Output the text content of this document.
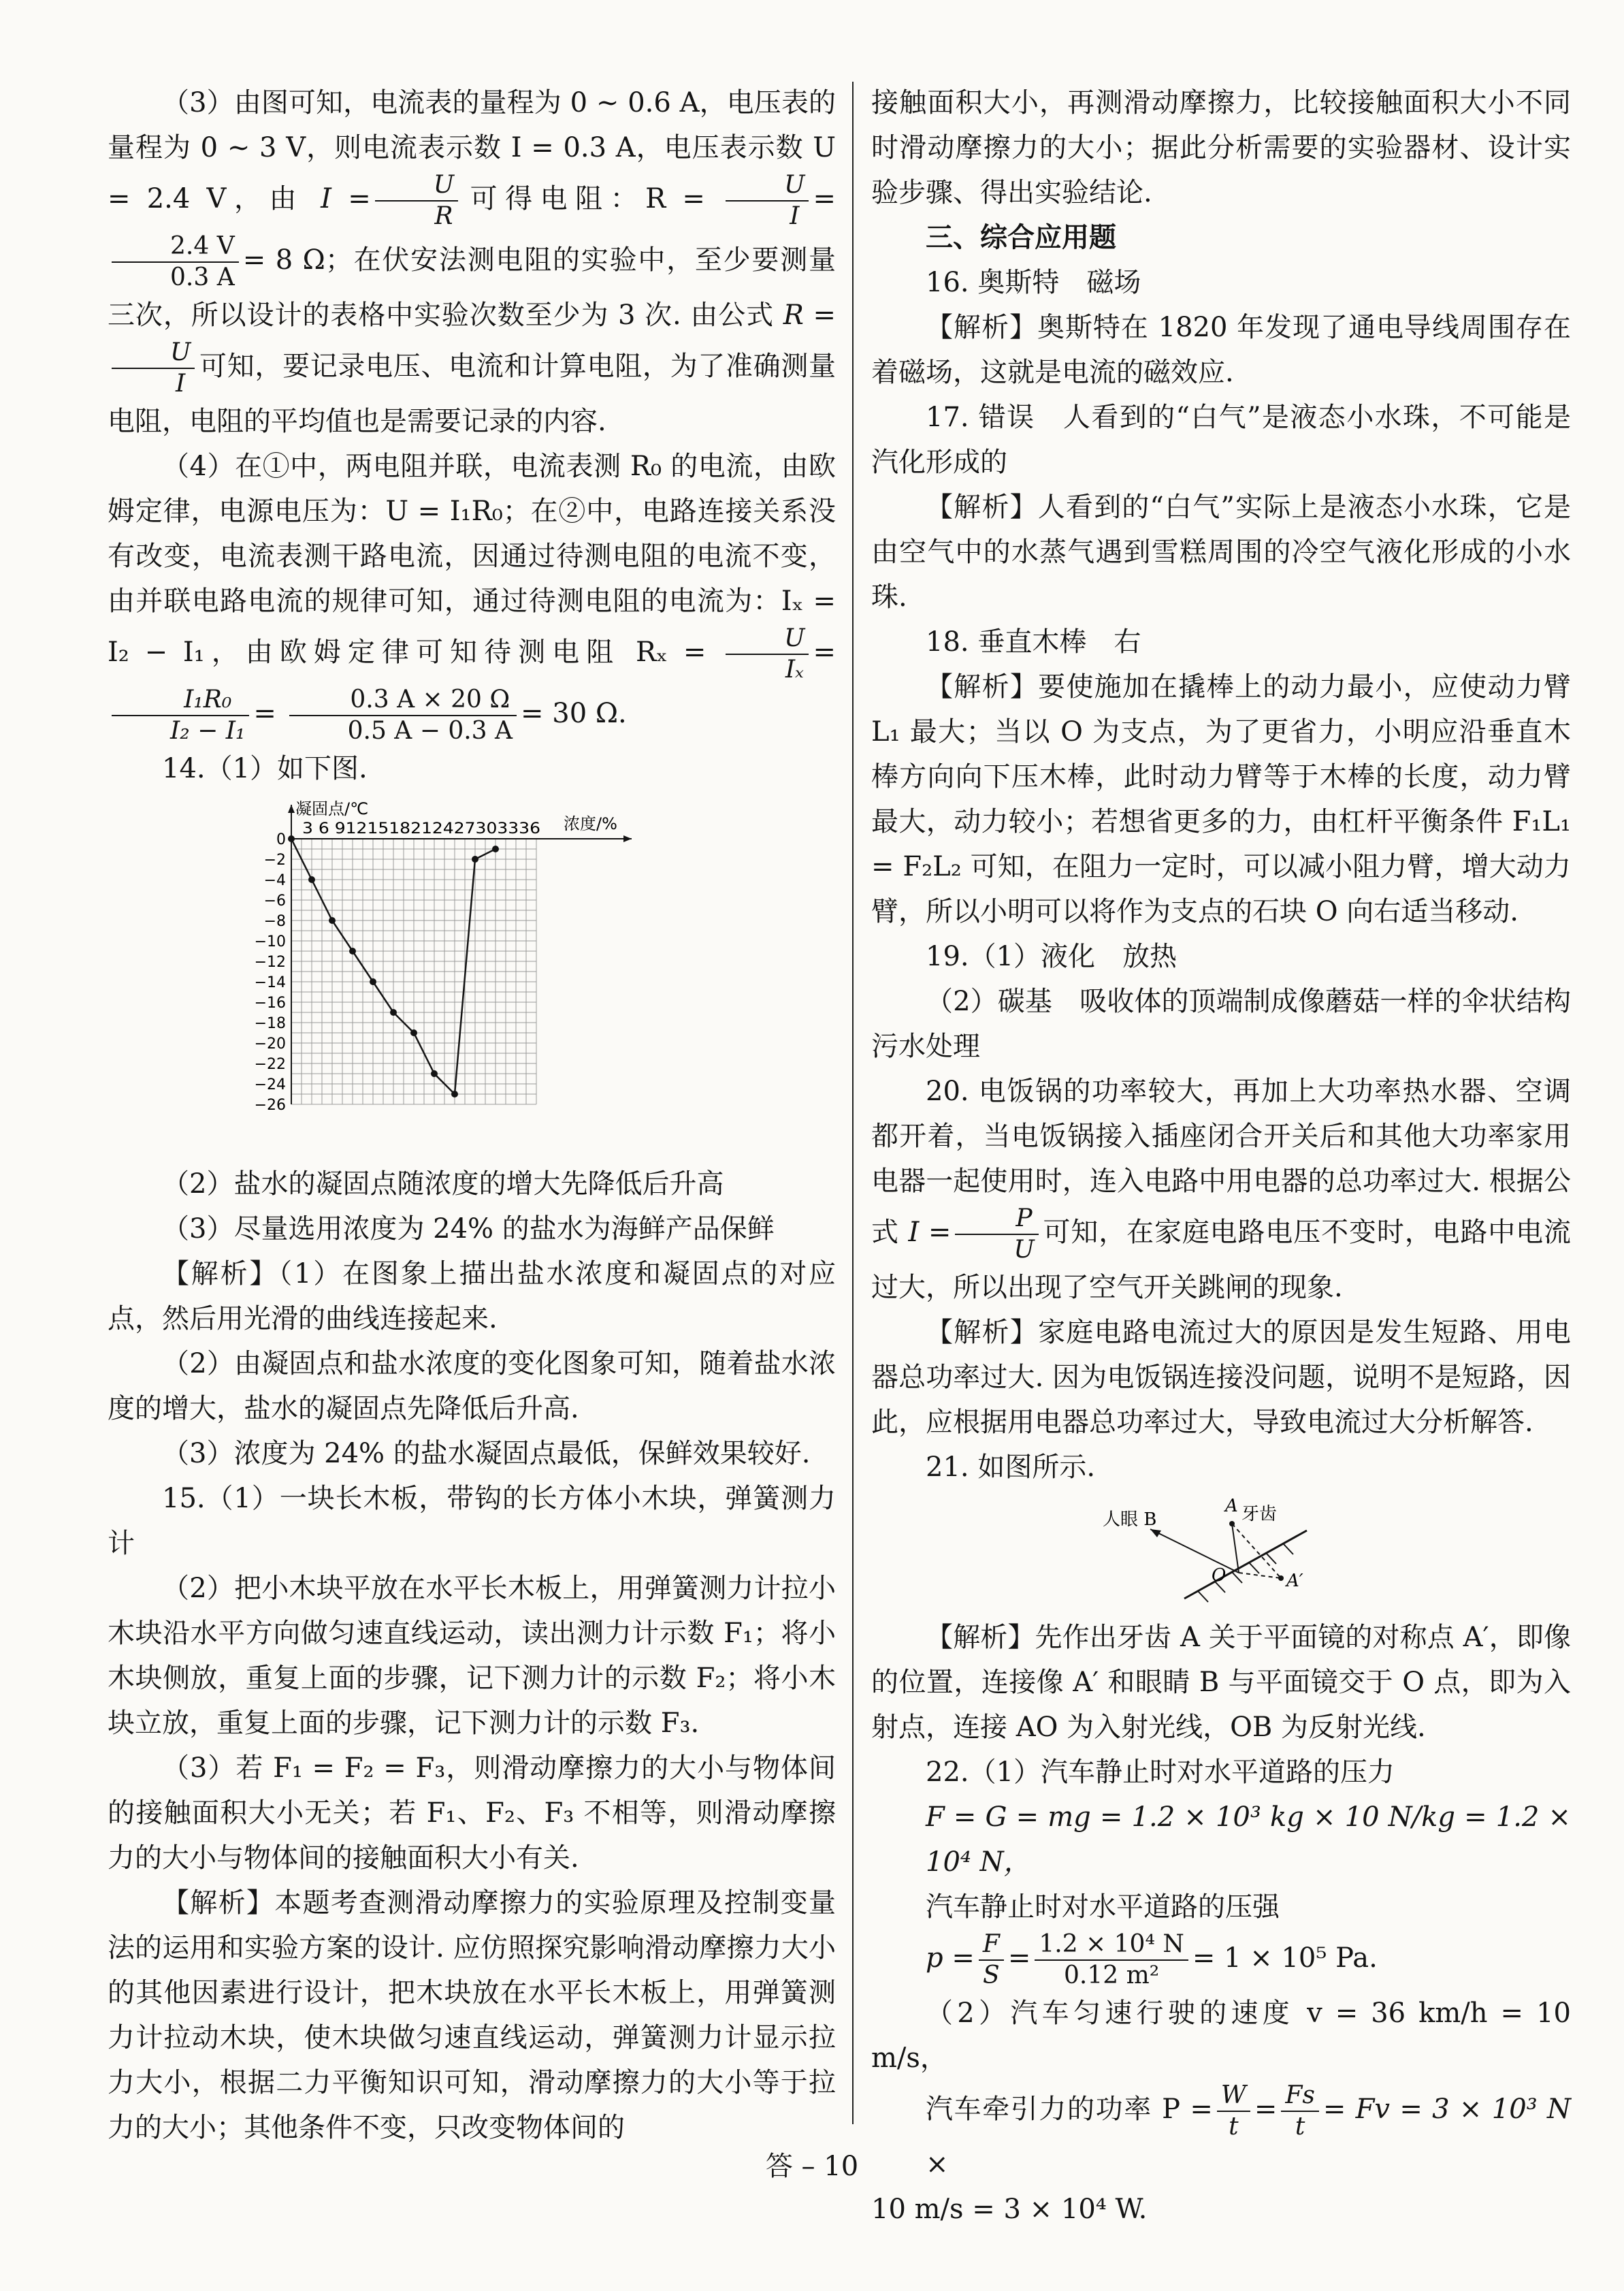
（3）由图可知，电流表的量程为 0 ~ 0.6 A，电压表的量程为 0 ~ 3 V，则电流表示数 I = 0.3 A，电压表示数 U = 2.4 V，由 $I = \frac{U}{R}$ 可得电阻：$R = \frac{U}{I}$ =
$\frac{2.4 V}{0.3 A} = 8$ Ω；在伏安法测电阻的实验中，至少要测量三次，所以设计的表格中实验次数至少为 3 次. 由公式 R =
$\frac{U}{I}$ 可知，要记录电压、电流和计算电阻，为了准确测量电阻，电阻的平均值也是需要记录的内容.

（4）在①中，两电阻并联，电流表测 R₀ 的电流，由欧姆定律，电源电压为：U = I₁R₀；在②中，电路连接关系没有改变，电流表测干路电流，因通过待测电阻的电流不变，由并联电路电流的规律可知，通过待测电阻的电流为：Iₓ = I₂ − I₁，由欧姆定律可知待测电阻 $R_x = \frac{U}{\text{Iₓ}}$ =
$\frac{\text{I₁R₀}}{\text{I₂ − I₁}} = \frac{0.3 A \times 20 \Omega}{0.5 A - 0.3 A} = 30$ Ω.

14.（1）如下图.

凝固点/℃
浓度/%
3 6 9121518212427303336
0
−2
−4
−6
−8
−10
−12
−14
−16
−18
−20
−22
−24
−26

（2）盐水的凝固点随浓度的增大先降低后升高

（3）尽量选用浓度为 24% 的盐水为海鲜产品保鲜

【解析】（1）在图象上描出盐水浓度和凝固点的对应点，然后用光滑的曲线连接起来.

（2）由凝固点和盐水浓度的变化图象可知，随着盐水浓度的增大，盐水的凝固点先降低后升高.

（3）浓度为 24% 的盐水凝固点最低，保鲜效果较好.

15.（1）一块长木板，带钩的长方体小木块，弹簧测力计

（2）把小木块平放在水平长木板上，用弹簧测力计拉小木块沿水平方向做匀速直线运动，读出测力计示数 F₁；将小木块侧放，重复上面的步骤，记下测力计的示数 F₂；将小木块立放，重复上面的步骤，记下测力计的示数 F₃.

（3）若 F₁ = F₂ = F₃，则滑动摩擦力的大小与物体间的接触面积大小无关；若 F₁、F₂、F₃ 不相等，则滑动摩擦力的大小与物体间的接触面积大小有关.

【解析】本题考查测滑动摩擦力的实验原理及控制变量法的运用和实验方案的设计. 应仿照探究影响滑动摩擦力大小的其他因素进行设计，把木块放在水平长木板上，用弹簧测力计拉动木块，使木块做匀速直线运动，弹簧测力计显示拉力大小，根据二力平衡知识可知，滑动摩擦力的大小等于拉力的大小；其他条件不变，只改变物体间的

接触面积大小，再测滑动摩擦力，比较接触面积大小不同时滑动摩擦力的大小；据此分析需要的实验器材、设计实验步骤、得出实验结论.

三、综合应用题

16. 奥斯特　磁场

【解析】奥斯特在 1820 年发现了通电导线周围存在着磁场，这就是电流的磁效应.

17. 错误　人看到的“白气”是液态小水珠，不可能是汽化形成的

【解析】人看到的“白气”实际上是液态小水珠，它是由空气中的水蒸气遇到雪糕周围的冷空气液化形成的小水珠.

18. 垂直木棒　右

【解析】要使施加在撬棒上的动力最小，应使动力臂 L₁ 最大；当以 O 为支点，为了更省力，小明应沿垂直木棒方向向下压木棒，此时动力臂等于木棒的长度，动力臂最大，动力较小；若想省更多的力，由杠杆平衡条件 F₁L₁ = F₂L₂ 可知，在阻力一定时，可以减小阻力臂，增大动力臂，所以小明可以将作为支点的石块 O 向右适当移动.

19.（1）液化　放热

（2）碳基　吸收体的顶端制成像蘑菇一样的伞状结构　污水处理

20. 电饭锅的功率较大，再加上大功率热水器、空调都开着，当电饭锅接入插座闭合开关后和其他大功率家用电器一起使用时，连入电路中用电器的总功率过大. 根据公式 $I = \frac{P}{U}$ 可知，在家庭电路电压不变时，电路中电流过大，所以出现了空气开关跳闸的现象.

【解析】家庭电路电流过大的原因是发生短路、用电器总功率过大. 因为电饭锅连接没问题，说明不是短路，因此，应根据用电器总功率过大，导致电流过大分析解答.

21. 如图所示.

人眼 B
A 牙齿
O	A′

【解析】先作出牙齿 A 关于平面镜的对称点 A′，即像的位置，连接像 A′ 和眼睛 B 与平面镜交于 O 点，即为入射点，连接 AO 为入射光线，OB 为反射光线.

22.（1）汽车静止时对水平道路的压力

F = G = mg = 1.2 × 10³ kg × 10 N/kg = 1.2 × 10⁴ N，

汽车静止时对水平道路的压强

$p = \frac{F}{S} = \frac{\text{1.2 × 10⁴ N}}{\text{0.12 m²}} = 1 \times 10^5$ Pa.

（2）汽车匀速行驶的速度 v = 36 km/h = 10 m/s，

汽车牵引力的功率 $P = \frac{W}{t} = \frac{Fs}{t} = Fv = 3 \times 10^3$ N ×

10 m/s = 3 × 10⁴ W.

答 – 10
